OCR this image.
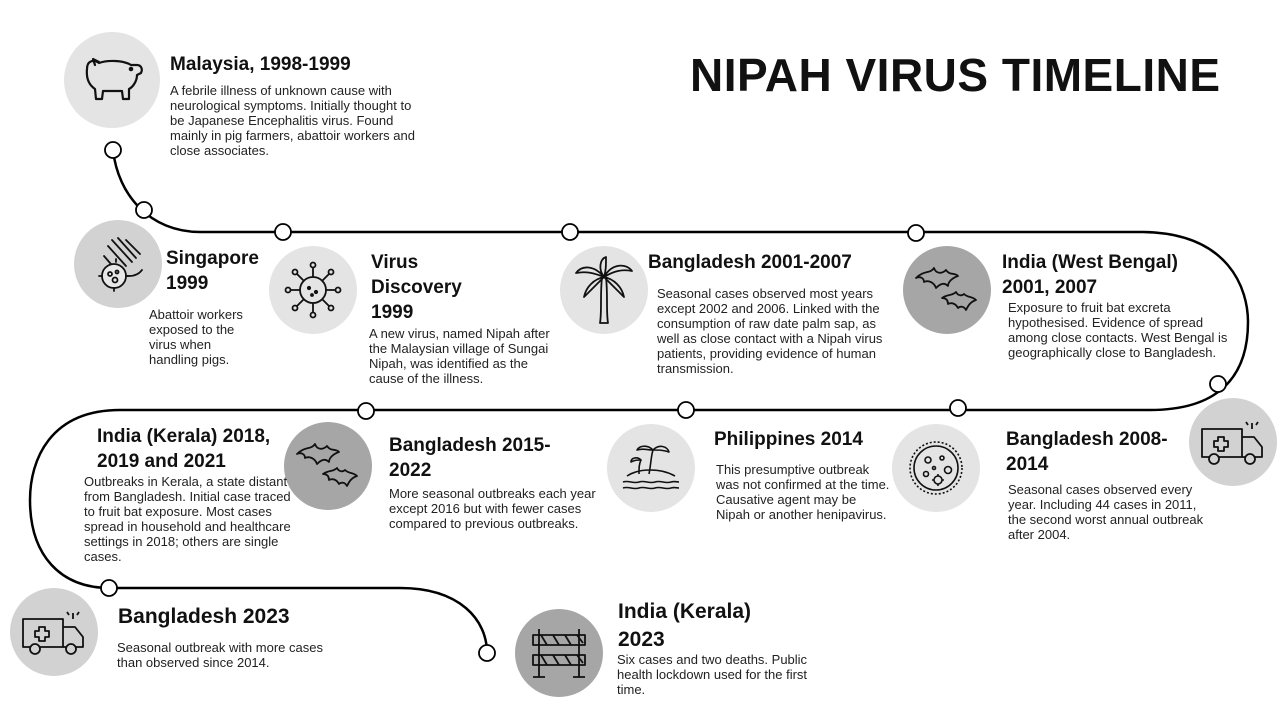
NIPAH VIRUS TIMELINE
Malaysia, 1998-1999
A febrile illness of unknown cause with neurological symptoms. Initially thought to be Japanese Encephalitis virus. Found mainly in pig farmers, abattoir workers and close associates.
Singapore
1999
Abattoir workers exposed to the virus when handling pigs.
Virus
Discovery
1999
A new virus, named Nipah after the Malaysian village of Sungai Nipah, was identified as the cause of the illness.
Bangladesh 2001-2007
Seasonal cases observed most years except 2002 and 2006. Linked with the consumption of raw date palm sap, as well as close contact with a Nipah virus patients, providing evidence of human transmission.
India (West Bengal)
2001, 2007
Exposure to fruit bat excreta hypothesised. Evidence of spread among close contacts. West Bengal is geographically close to Bangladesh.
Bangladesh 2008-
2014
Seasonal cases observed every year. Including 44 cases in 2011, the second worst annual outbreak after 2004.
Philippines 2014
This presumptive outbreak was not confirmed at the time. Causative agent may be Nipah or another henipavirus.
Bangladesh 2015-
2022
More seasonal outbreaks each year except 2016 but with fewer cases compared to previous outbreaks.
India (Kerala) 2018,
2019 and 2021
Outbreaks in Kerala, a state distant from Bangladesh. Initial case traced to fruit bat exposure. Most cases spread in household and healthcare settings in 2018; others are single cases.
Bangladesh 2023
Seasonal outbreak with more cases than observed since 2014.
India (Kerala)
2023
Six cases and two deaths. Public health lockdown used for the first time.
